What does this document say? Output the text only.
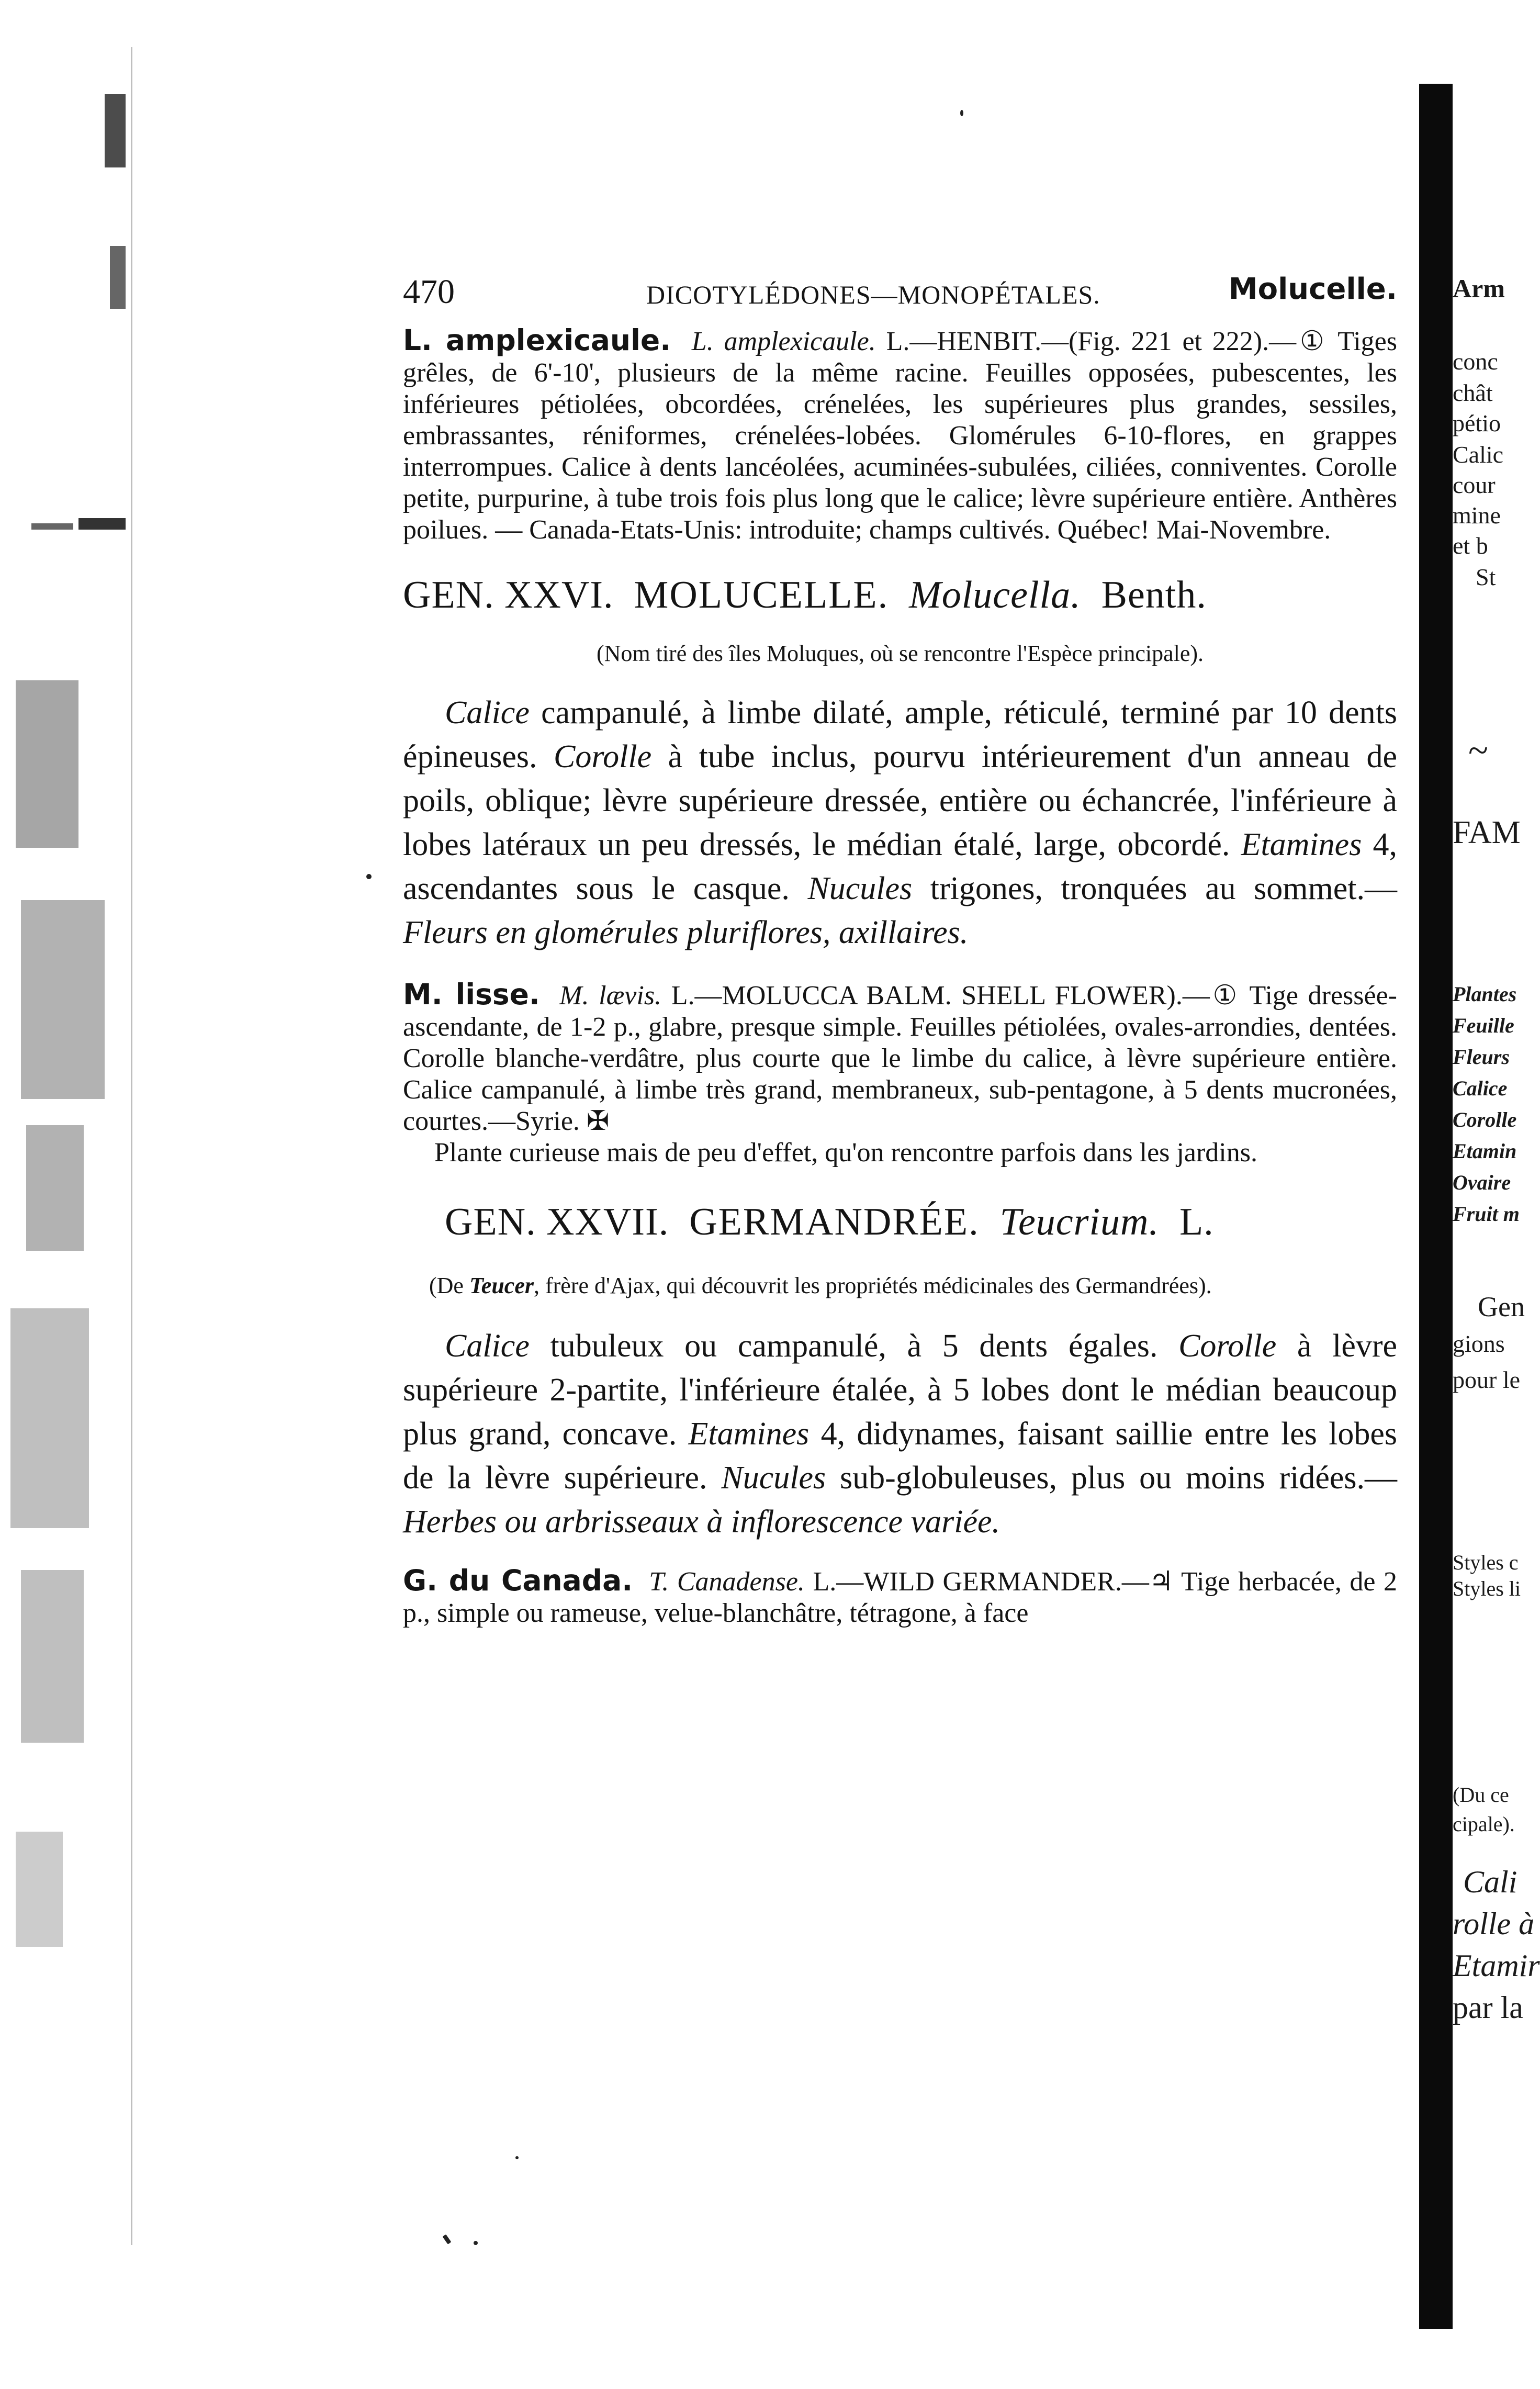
Arm
conc
chât
pétio
Calic
cour
mine
et b
St
~
FAM
Plantes
Feuille
Fleurs
Calice
Corolle
Etamin
Ovaire
Fruit m
Gen
gions
pour le
Styles c
Styles li
(Du ce
cipale).
Cali
rolle à
Etamir
par la
470	DICOTYLÉDONES—MONOPÉTALES.	Molucelle.

L. amplexicaule. L. amplexicaule. L.—HENBIT.—(Fig. 221 et 222).—① Tiges grêles, de 6'-10', plusieurs de la même racine. Feuilles opposées, pubescentes, les inférieures pétiolées, obcordées, crénelées, les supérieures plus grandes, sessiles, embrassantes, réniformes, crénelées-lobées. Glomérules 6-10-flores, en grappes interrompues. Calice à dents lancéolées, acuminées-subulées, ciliées, conniventes. Corolle petite, purpurine, à tube trois fois plus long que le calice; lèvre supérieure entière. Anthères poilues. — Canada-Etats-Unis: introduite; champs cultivés. Québec! Mai-Novembre.

GEN. XXVI. MOLUCELLE. Molucella. Benth.

(Nom tiré des îles Moluques, où se rencontre l'Espèce principale).

Calice campanulé, à limbe dilaté, ample, réticulé, terminé par 10 dents épineuses. Corolle à tube inclus, pourvu intérieurement d'un anneau de poils, oblique; lèvre supérieure dressée, entière ou échancrée, l'inférieure à lobes latéraux un peu dressés, le médian étalé, large, obcordé. Etamines 4, ascendantes sous le casque. Nucules trigones, tronquées au sommet.—Fleurs en glomérules pluriflores, axillaires.

M. lisse. M. lævis. L.—MOLUCCA BALM. SHELL FLOWER).—① Tige dressée-ascendante, de 1-2 p., glabre, presque simple. Feuilles pétiolées, ovales-arrondies, dentées. Corolle blanche-verdâtre, plus courte que le limbe du calice, à lèvre supérieure entière. Calice campanulé, à limbe très grand, membraneux, sub-pentagone, à 5 dents mucronées, courtes.—Syrie. ✠

Plante curieuse mais de peu d'effet, qu'on rencontre parfois dans les jardins.

GEN. XXVII. GERMANDRÉE. Teucrium. L.

(De Teucer, frère d'Ajax, qui découvrit les propriétés médicinales des Germandrées).

Calice tubuleux ou campanulé, à 5 dents égales. Corolle à lèvre supérieure 2-partite, l'inférieure étalée, à 5 lobes dont le médian beaucoup plus grand, concave. Etamines 4, didynames, faisant saillie entre les lobes de la lèvre supérieure. Nucules sub-globuleuses, plus ou moins ridées.—Herbes ou arbrisseaux à inflorescence variée.

G. du Canada. T. Canadense. L.—WILD GERMANDER.—♃ Tige herbacée, de 2 p., simple ou rameuse, velue-blanchâtre, tétragone, à face
